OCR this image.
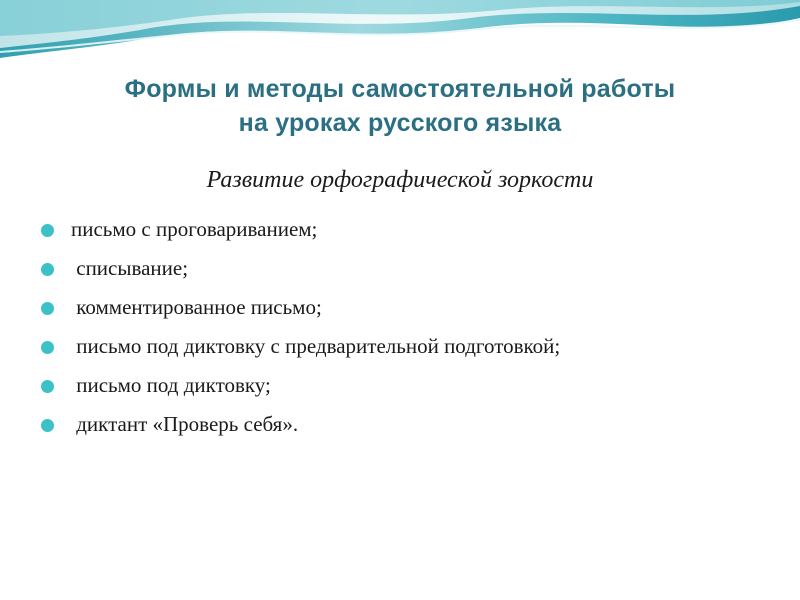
Формы и методы самостоятельной работы
на уроках русского языка

Развитие орфографической зоркости

письмо с проговариванием;
списывание;
комментированное письмо;
письмо под диктовку с предварительной подготовкой;
письмо под диктовку;
диктант «Проверь себя».
